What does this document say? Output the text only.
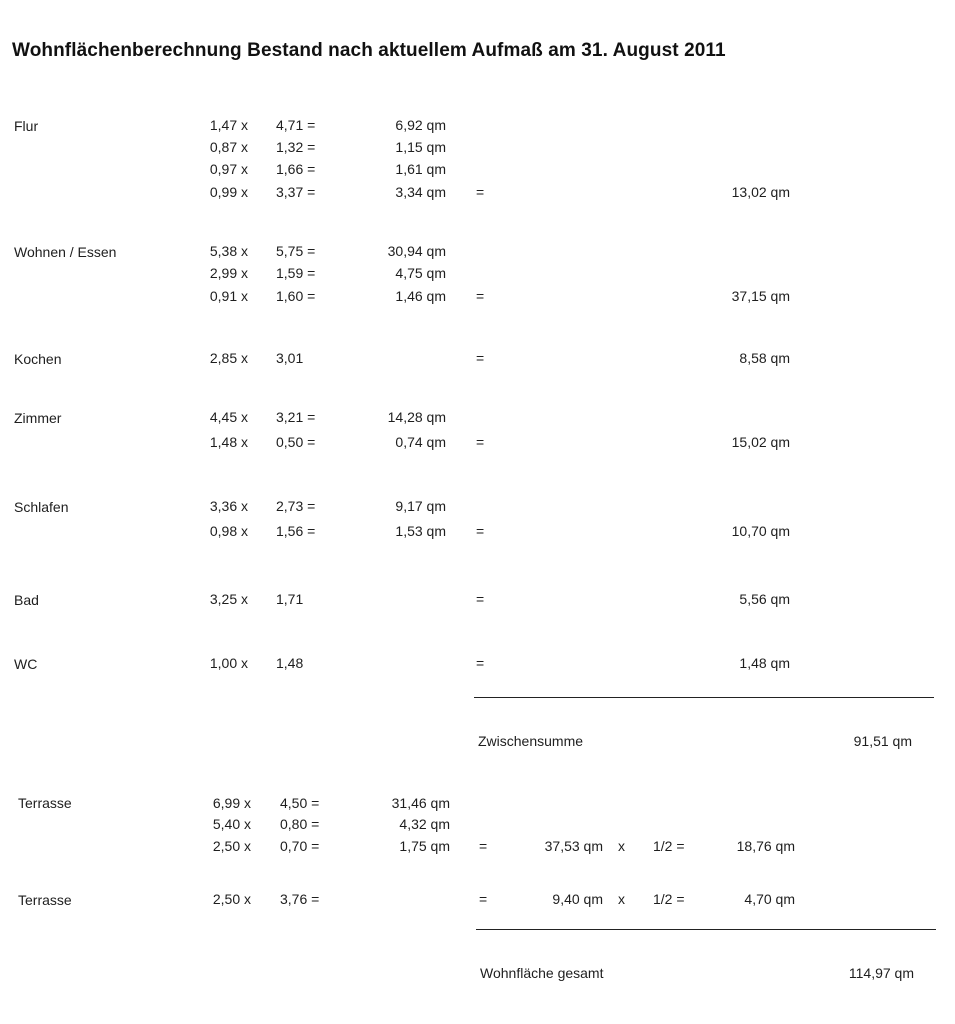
Wohnflächenberechnung Bestand nach aktuellem Aufmaß am 31. August 2011
Flur	1,47 x 4,71 =	6,92 qm
0,87 x 1,32 =	1,15 qm
0,97 x 1,66 =	1,61 qm
0,99 x 3,37 =	3,34 qm =	13,02 qm
Wohnen / Essen	5,38 x 5,75 =	30,94 qm
2,99 x 1,59 =	4,75 qm
0,91 x 1,60 =	1,46 qm =	37,15 qm
Kochen	2,85 x 3,01	=	8,58 qm
Zimmer	4,45 x 3,21 =	14,28 qm
1,48 x 0,50 =	0,74 qm =	15,02 qm
Schlafen	3,36 x 2,73 =	9,17 qm
0,98 x 1,56 =	1,53 qm =	10,70 qm
Bad	3,25 x 1,71	=	5,56 qm
WC	1,00 x 1,48	=	1,48 qm
Zwischensumme	91,51 qm
Terrasse	6,99 x 4,50 =	31,46 qm
5,40 x 0,80 =	4,32 qm
2,50 x 0,70 =	1,75 qm =	37,53 qm x 1/2 =	18,76 qm
Terrasse	2,50 x 3,76 =	=	9,40 qm x 1/2 =	4,70 qm
Wohnfläche gesamt	114,97 qm
